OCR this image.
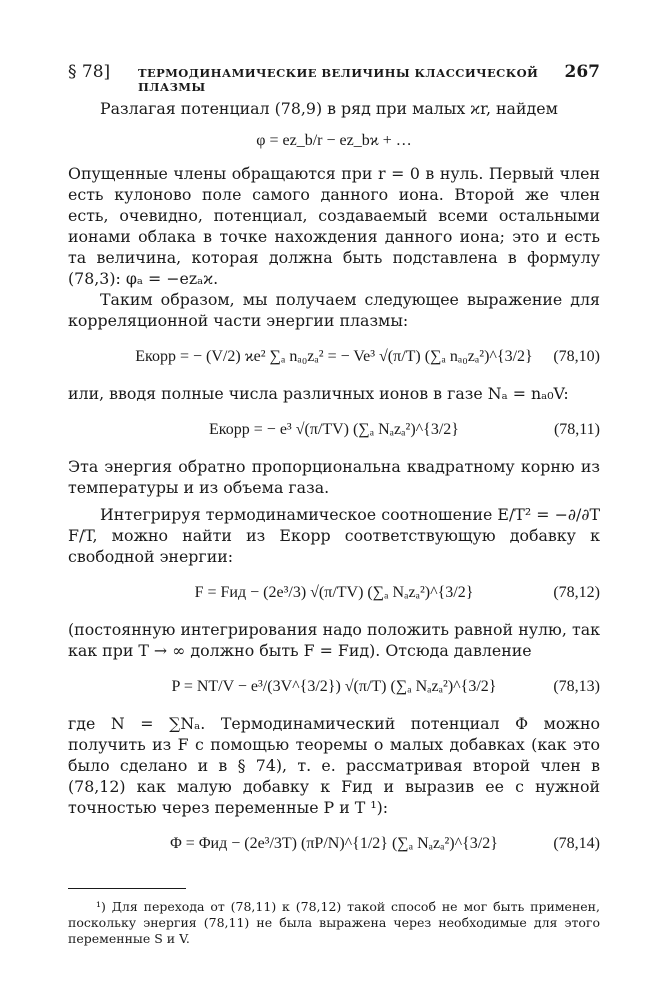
§ 78] ТЕРМОДИНАМИЧЕСКИЕ ВЕЛИЧИНЫ КЛАССИЧЕСКОЙ ПЛАЗМЫ
267

Разлагая потенциал (78,9) в ряд при малых ϰr, найдем

φ = ez_b/r − ez_bϰ + …

Опущенные члены обращаются при r = 0 в нуль. Первый член есть кулоново поле самого данного иона. Второй же член есть, очевидно, потенциал, создаваемый всеми остальными ионами облака в точке нахождения данного иона; это и есть та величина, которая должна быть подставлена в формулу (78,3): φₐ = −ezₐϰ.

Таким образом, мы получаем следующее выражение для корреляционной части энергии плазмы:

Eкорр = − (V/2) ϰe² ∑ₐ nₐ₀zₐ² = − Ve³ √(π/T) (∑ₐ nₐ₀zₐ²)^{3/2} (78,10)

или, вводя полные числа различных ионов в газе Nₐ = nₐ₀V:

Eкорр = − e³ √(π/TV) (∑ₐ Nₐzₐ²)^{3/2}	(78,11)

Эта энергия обратно пропорциональна квадратному корню из температуры и из объема газа.

Интегрируя термодинамическое соотношение E/T² = −∂/∂T F/T, можно найти из Eкорр соответствующую добавку к свободной энергии:

F = Fид − (2e³/3) √(π/TV) (∑ₐ Nₐzₐ²)^{3/2}	(78,12)

(постоянную интегрирования надо положить равной нулю, так как при T → ∞ должно быть F = Fид). Отсюда давление

P = NT/V − e³/(3V^{3/2}) √(π/T) (∑ₐ Nₐzₐ²)^{3/2}	(78,13)

где N = ∑Nₐ. Термодинамический потенциал Φ можно получить из F с помощью теоремы о малых добавках (как это было сделано и в § 74), т. е. рассматривая второй член в (78,12) как малую добавку к Fид и выразив ее с нужной точностью через переменные P и T ¹):

Φ = Φид − (2e³/3T) (πP/N)^{1/2} (∑ₐ Nₐzₐ²)^{3/2}	(78,14)

¹) Для перехода от (78,11) к (78,12) такой способ не мог быть применен, поскольку энергия (78,11) не была выражена через необходимые для этого переменные S и V.
